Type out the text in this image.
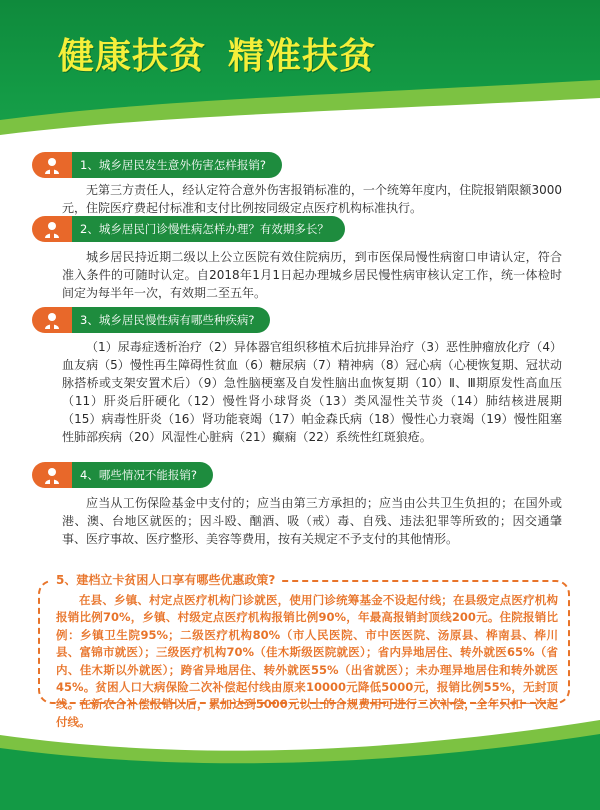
健康扶贫 精准扶贫
1、城乡居民发生意外伤害怎样报销?

无第三方责任人，经认定符合意外伤害报销标准的，一个统筹年度内，住院报销限额3000元，住院医疗费起付标准和支付比例按同级定点医疗机构标准执行。

2、城乡居民门诊慢性病怎样办理？有效期多长？

城乡居民持近期二级以上公立医院有效住院病历，到市医保局慢性病窗口申请认定，符合准入条件的可随时认定。自2018年1月1日起办理城乡居民慢性病审核认定工作，统一体检时间定为每半年一次，有效期二至五年。

3、城乡居民慢性病有哪些种疾病?

（1）尿毒症透析治疗（2）异体器官组织移植术后抗排异治疗（3）恶性肿瘤放化疗（4）血友病（5）慢性再生障碍性贫血（6）糖尿病（7）精神病（8）冠心病（心梗恢复期、冠状动脉搭桥或支架安置术后）（9）急性脑梗塞及自发性脑出血恢复期（10）Ⅱ、Ⅲ期原发性高血压（11）肝炎后肝硬化（12）慢性肾小球肾炎（13）类风湿性关节炎（14）肺结核进展期（15）病毒性肝炎（16）肾功能衰竭（17）帕金森氏病（18）慢性心力衰竭（19）慢性阻塞性肺部疾病（20）风湿性心脏病（21）癫痫（22）系统性红斑狼疮。

4、哪些情况不能报销?

应当从工伤保险基金中支付的；应当由第三方承担的；应当由公共卫生负担的；在国外或港、澳、台地区就医的；因斗殴、酗酒、吸（戒）毒、自残、违法犯罪等所致的；因交通肇事、医疗事故、医疗整形、美容等费用，按有关规定不予支付的其他情形。

5、建档立卡贫困人口享有哪些优惠政策?

在县、乡镇、村定点医疗机构门诊就医，使用门诊统筹基金不设起付线；在县级定点医疗机构报销比例70%，乡镇、村级定点医疗机构报销比例90%，年最高报销封顶线200元。住院报销比例：乡镇卫生院95%；二级医疗机构80%（市人民医院、市中医医院、汤原县、桦南县、桦川县、富锦市就医）；三级医疗机构70%（佳木斯级医院就医）；省内异地居住、转外就医65%（省内、佳木斯以外就医）；跨省异地居住、转外就医55%（出省就医）；未办理异地居住和转外就医45%。贫困人口大病保险二次补偿起付线由原来10000元降低5000元，报销比例55%，无封顶线。在新农合补偿报销以后，累加达到5000元以上的合规费用可进行二次补偿，全年只扣一次起付线。
